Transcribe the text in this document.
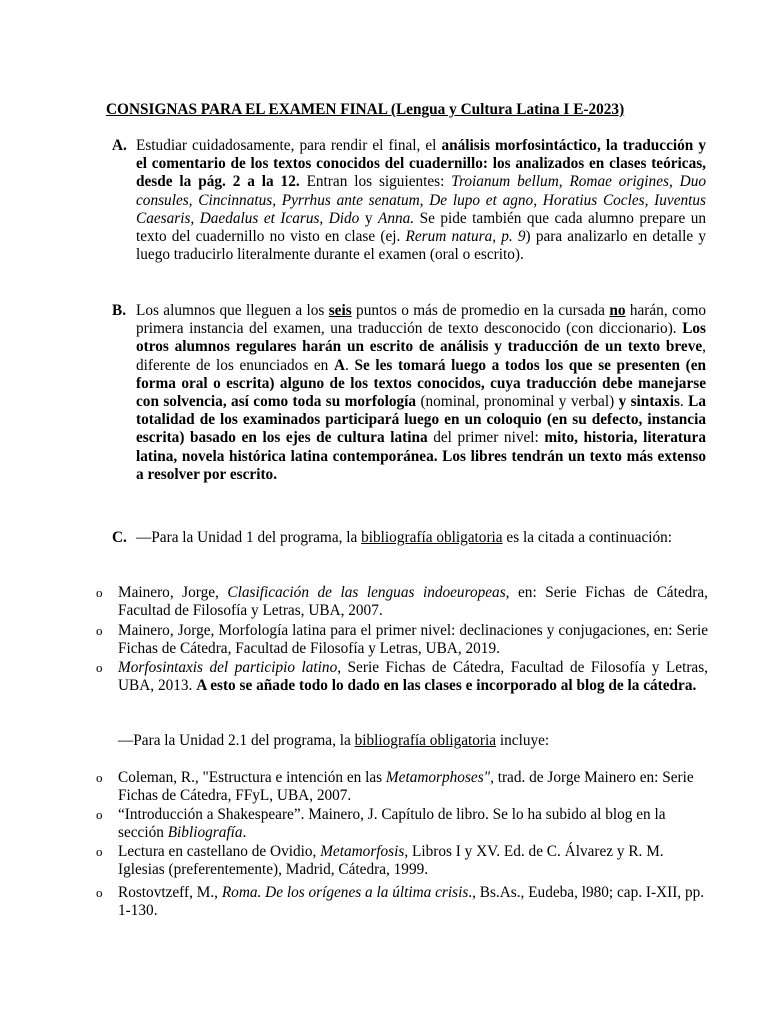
CONSIGNAS PARA EL EXAMEN FINAL (Lengua y Cultura Latina I E-2023)
A. Estudiar cuidadosamente, para rendir el final, el análisis morfosintáctico, la traducción y el comentario de los textos conocidos del cuadernillo: los analizados en clases teóricas, desde la pág. 2 a la 12. Entran los siguientes: Troianum bellum, Romae origines, Duo consules, Cincinnatus, Pyrrhus ante senatum, De lupo et agno, Horatius Cocles, Iuventus Caesaris, Daedalus et Icarus, Dido y Anna. Se pide también que cada alumno prepare un texto del cuadernillo no visto en clase (ej. Rerum natura, p. 9) para analizarlo en detalle y luego traducirlo literalmente durante el examen (oral o escrito).

B. Los alumnos que lleguen a los seis puntos o más de promedio en la cursada no harán, como primera instancia del examen, una traducción de texto desconocido (con diccionario). Los otros alumnos regulares harán un escrito de análisis y traducción de un texto breve, diferente de los enunciados en A. Se les tomará luego a todos los que se presenten (en forma oral o escrita) alguno de los textos conocidos, cuya traducción debe manejarse con solvencia, así como toda su morfología (nominal, pronominal y verbal) y sintaxis. La totalidad de los examinados participará luego en un coloquio (en su defecto, instancia escrita) basado en los ejes de cultura latina del primer nivel: mito, historia, literatura latina, novela histórica latina contemporánea. Los libres tendrán un texto más extenso a resolver por escrito.

C. —Para la Unidad 1 del programa, la bibliografía obligatoria es la citada a continuación:

o Mainero, Jorge, Clasificación de las lenguas indoeuropeas, en: Serie Fichas de Cátedra, Facultad de Filosofía y Letras, UBA, 2007.
o Mainero, Jorge, Morfología latina para el primer nivel: declinaciones y conjugaciones, en: Serie Fichas de Cátedra, Facultad de Filosofía y Letras, UBA, 2019.
o Morfosintaxis del participio latino, Serie Fichas de Cátedra, Facultad de Filosofía y Letras, UBA, 2013. A esto se añade todo lo dado en las clases e incorporado al blog de la cátedra.
—Para la Unidad 2.1 del programa, la bibliografía obligatoria incluye:
o Coleman, R., "Estructura e intención en las Metamorphoses", trad. de Jorge Mainero en: Serie Fichas de Cátedra, FFyL, UBA, 2007.
o “Introducción a Shakespeare”. Mainero, J. Capítulo de libro. Se lo ha subido al blog en la sección Bibliografía.
o Lectura en castellano de Ovidio, Metamorfosis, Libros I y XV. Ed. de C. Álvarez y R. M. Iglesias (preferentemente), Madrid, Cátedra, 1999.
o Rostovtzeff, M., Roma. De los orígenes a la última crisis., Bs.As., Eudeba, l980; cap. I-XII, pp. 1-130.
